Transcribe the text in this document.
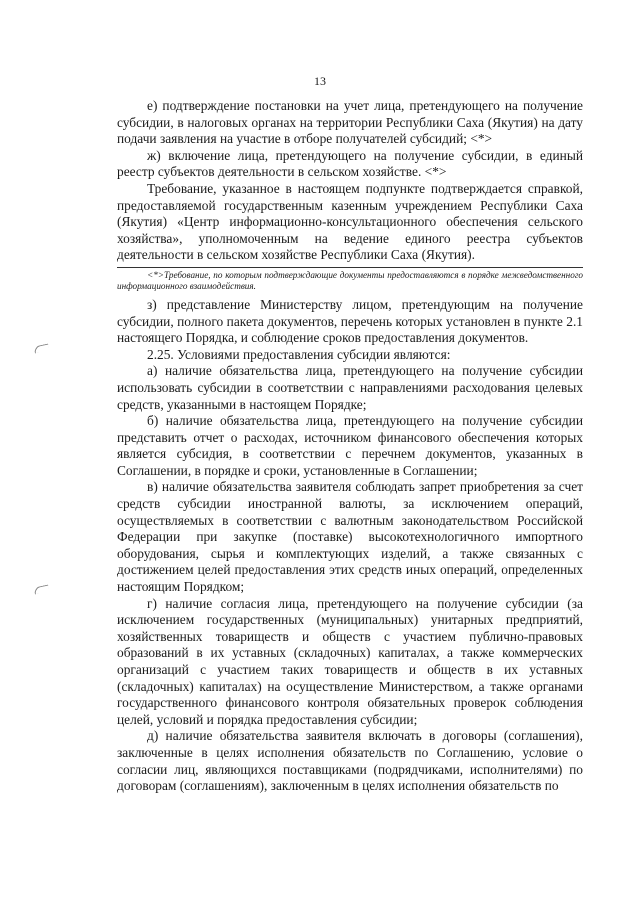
13

е) подтверждение постановки на учет лица, претендующего на получение субсидии, в налоговых органах на территории Республики Саха (Якутия) на дату подачи заявления на участие в отборе получателей субсидий; <*>

ж) включение лица, претендующего на получение субсидии, в единый реестр субъектов деятельности в сельском хозяйстве. <*>

Требование, указанное в настоящем подпункте подтверждается справкой, предоставляемой государственным казенным учреждением Республики Саха (Якутия) «Центр информационно-консультационного обеспечения сельского хозяйства», уполномоченным на ведение единого реестра субъектов деятельности в сельском хозяйстве Республики Саха (Якутия).

<*>Требование, по которым подтверждающие документы предоставляются в порядке межведомственного информационного взаимодействия.

з) представление Министерству лицом, претендующим на получение субсидии, полного пакета документов, перечень которых установлен в пункте 2.1 настоящего Порядка, и соблюдение сроков предоставления документов.

2.25. Условиями предоставления субсидии являются:

а) наличие обязательства лица, претендующего на получение субсидии использовать субсидии в соответствии с направлениями расходования целевых средств, указанными в настоящем Порядке;

б) наличие обязательства лица, претендующего на получение субсидии представить отчет о расходах, источником финансового обеспечения которых является субсидия, в соответствии с перечнем документов, указанных в Соглашении, в порядке и сроки, установленные в Соглашении;

в) наличие обязательства заявителя соблюдать запрет приобретения за счет средств субсидии иностранной валюты, за исключением операций, осуществляемых в соответствии с валютным законодательством Российской Федерации при закупке (поставке) высокотехнологичного импортного оборудования, сырья и комплектующих изделий, а также связанных с достижением целей предоставления этих средств иных операций, определенных настоящим Порядком;

г) наличие согласия лица, претендующего на получение субсидии (за исключением государственных (муниципальных) унитарных предприятий, хозяйственных товариществ и обществ с участием публично-правовых образований в их уставных (складочных) капиталах, а также коммерческих организаций с участием таких товариществ и обществ в их уставных (складочных) капиталах) на осуществление Министерством, а также органами государственного финансового контроля обязательных проверок соблюдения целей, условий и порядка предоставления субсидии;

д) наличие обязательства заявителя включать в договоры (соглашения), заключенные в целях исполнения обязательств по Соглашению, условие о согласии лиц, являющихся поставщиками (подрядчиками, исполнителями) по договорам (соглашениям), заключенным в целях исполнения обязательств по
